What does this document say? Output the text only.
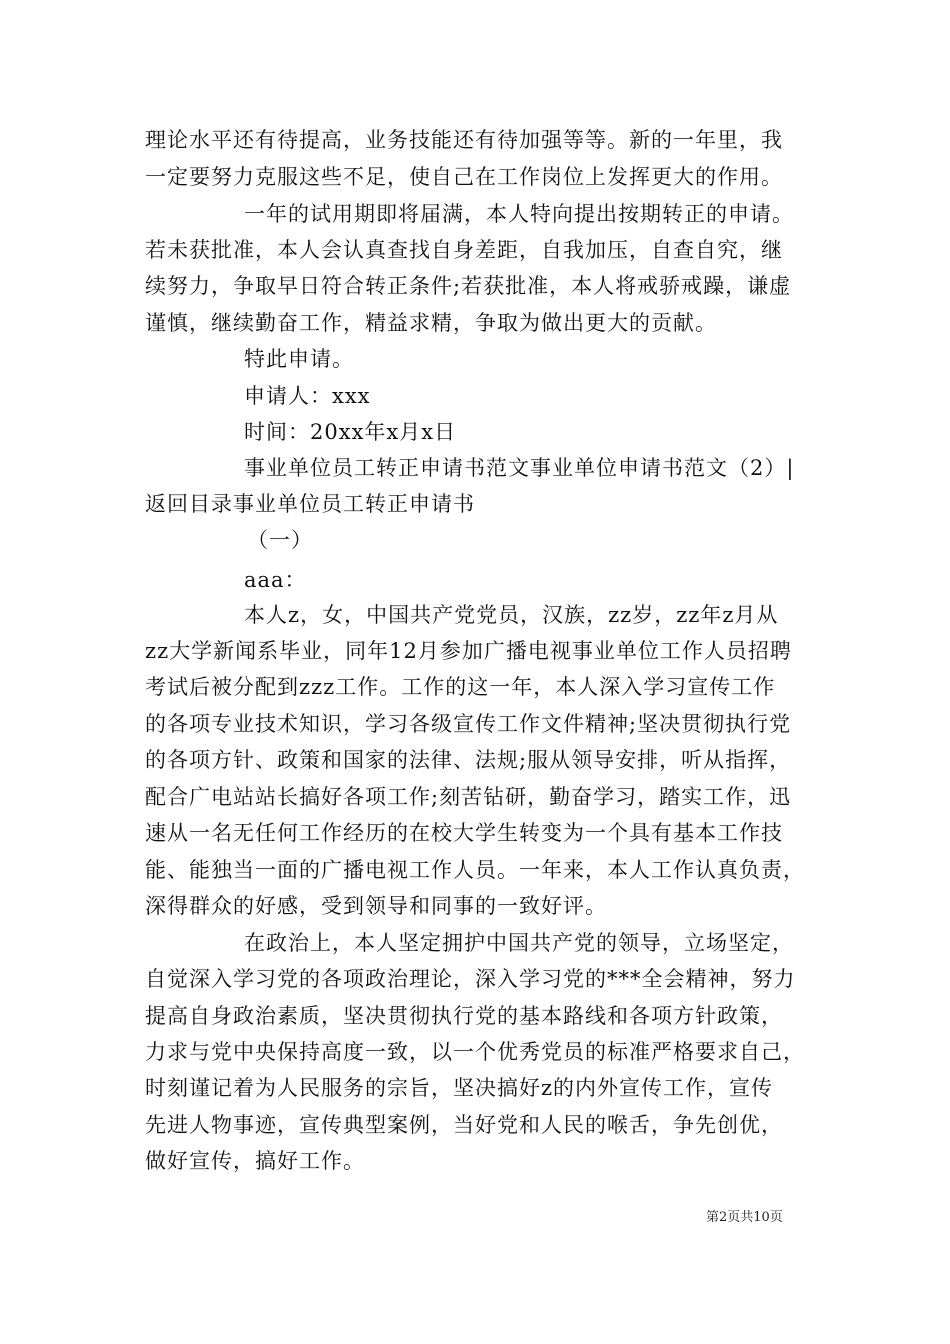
理论水平还有待提高，业务技能还有待加强等等。新的一年里，我
一定要努力克服这些不足，使自己在工作岗位上发挥更大的作用。
一年的试用期即将届满，本人特向提出按期转正的申请。
若未获批准，本人会认真查找自身差距，自我加压，自查自究，继
续努力，争取早日符合转正条件;若获批准，本人将戒骄戒躁，谦虚
谨慎，继续勤奋工作，精益求精，争取为做出更大的贡献。
特此申请。
申请人：xxx
时间：20xx年x月x日
事业单位员工转正申请书范文事业单位申请书范文（2）|
返回目录事业单位员工转正申请书
（一）
aaa：
本人z，女，中国共产党党员，汉族，zz岁，zz年z月从
zz大学新闻系毕业，同年12月参加广播电视事业单位工作人员招聘
考试后被分配到zzz工作。工作的这一年，本人深入学习宣传工作
的各项专业技术知识，学习各级宣传工作文件精神;坚决贯彻执行党
的各项方针、政策和国家的法律、法规;服从领导安排，听从指挥，
配合广电站站长搞好各项工作;刻苦钻研，勤奋学习，踏实工作，迅
速从一名无任何工作经历的在校大学生转变为一个具有基本工作技
能、能独当一面的广播电视工作人员。一年来，本人工作认真负责，
深得群众的好感，受到领导和同事的一致好评。
在政治上，本人坚定拥护中国共产党的领导，立场坚定，
自觉深入学习党的各项政治理论，深入学习党的***全会精神，努力
提高自身政治素质，坚决贯彻执行党的基本路线和各项方针政策，
力求与党中央保持高度一致，以一个优秀党员的标准严格要求自己，
时刻谨记着为人民服务的宗旨，坚决搞好z的内外宣传工作，宣传
先进人物事迹，宣传典型案例，当好党和人民的喉舌，争先创优，
做好宣传，搞好工作。
第2页共10页
